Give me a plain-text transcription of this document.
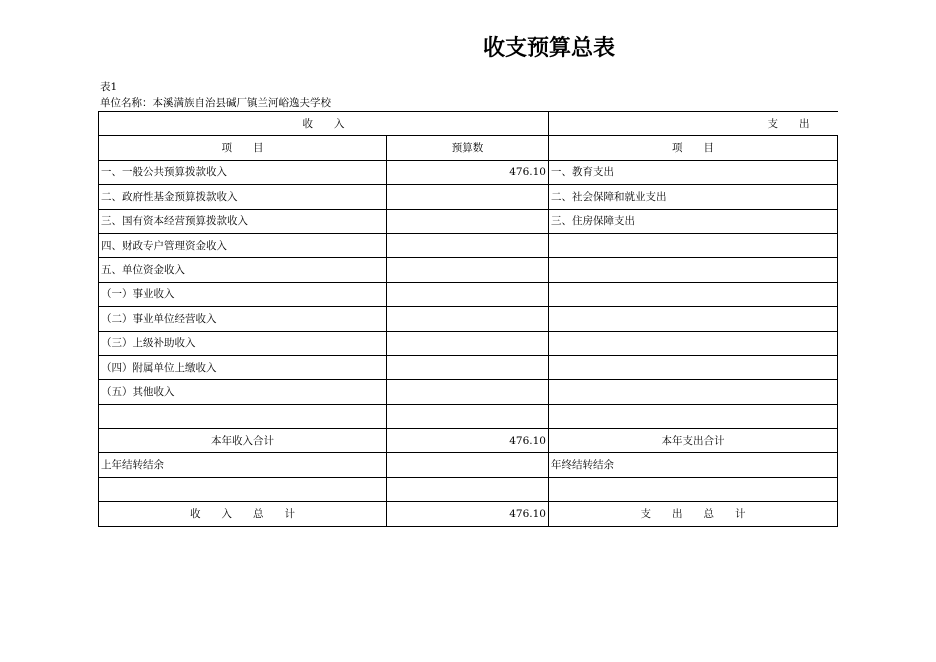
收支预算总表
表1
单位名称：本溪满族自治县碱厂镇兰河峪逸夫学校
收　　入		支　　出
项　　目	预算数	项　　目
一、一般公共预算拨款收入	476.10	一、教育支出
二、政府性基金预算拨款收入		二、社会保障和就业支出
三、国有资本经营预算拨款收入		三、住房保障支出
四、财政专户管理资金收入		
五、单位资金收入		
（一）事业收入		
（二）事业单位经营收入		
（三）上级补助收入		
（四）附属单位上缴收入		
（五）其他收入		

本年收入合计	476.10	本年支出合计
上年结转结余		年终结转结余

收　　入　　总　　计	476.10	支　　出　　总　　计
